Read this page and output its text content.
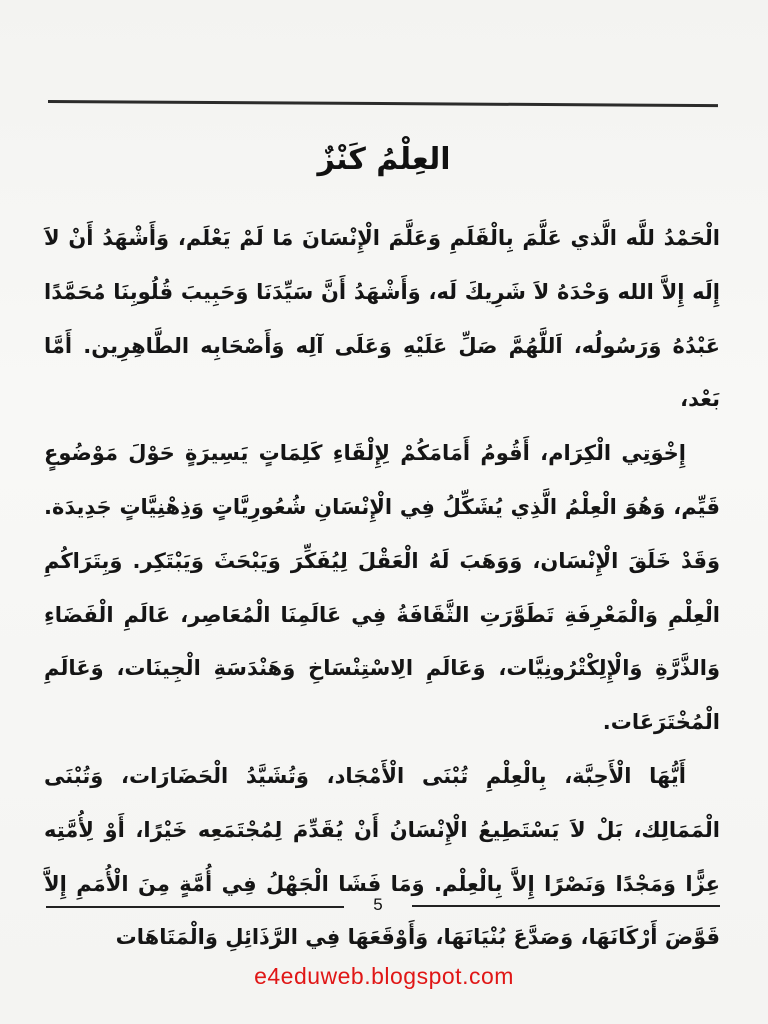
العِلْمُ كَنْزٌ

الْحَمْدُ للَّه الَّذي عَلَّمَ بِالْقَلَمِ وَعَلَّمَ الْإِنْسَانَ مَا لَمْ يَعْلَم، وَأَشْهَدُ أَنْ لاَ إِلَه إِلاَّ الله وَحْدَهُ لاَ شَرِيكَ لَه، وَأَشْهَدُ أَنَّ سَيِّدَنَا وَحَبِيبَ قُلُوبِنَا مُحَمَّدًا عَبْدُهُ وَرَسُولُه، اَللَّهُمَّ صَلِّ عَلَيْهِ وَعَلَى آلِه وَأَصْحَابِه الطَّاهِرِين. أَمَّا بَعْد،

إِخْوَتِي الْكِرَام، أَقُومُ أَمَامَكُمْ لِإِلْقَاءِ كَلِمَاتٍ يَسِيرَةٍ حَوْلَ مَوْضُوعٍ قَيِّم، وَهُوَ الْعِلْمُ الَّذِي يُشَكِّلُ فِي الْإِنْسَانِ شُعُورِيَّاتٍ وَذِهْنِيَّاتٍ جَدِيدَة. وَقَدْ خَلَقَ الْإِنْسَان، وَوَهَبَ لَهُ الْعَقْلَ لِيُفَكِّرَ وَيَبْحَثَ وَيَبْتَكِر. وَبِتَرَاكُمِ الْعِلْمِ وَالْمَعْرِفَةِ تَطَوَّرَتِ الثَّقَافَةُ فِي عَالَمِنَا الْمُعَاصِر، عَالَمِ الْفَضَاءِ وَالذَّرَّةِ وَالْإِلِكْتْرُونِيَّات، وَعَالَمِ الِاسْتِنْسَاخِ وَهَنْدَسَةِ الْجِينَات، وَعَالَمِ الْمُخْتَرَعَات.

أَيُّهَا الْأَحِبَّة، بِالْعِلْمِ تُبْنَى الْأَمْجَاد، وَتُشَيَّدُ الْحَضَارَات، وَتُبْنَى الْمَمَالِك، بَلْ لاَ يَسْتَطِيعُ الْإِنْسَانُ أَنْ يُقَدِّمَ لِمُجْتَمَعِه خَيْرًا، أَوْ لِأُمَّتِه عِزًّا وَمَجْدًا وَنَصْرًا إِلاَّ بِالْعِلْم. وَمَا فَشَا الْجَهْلُ فِي أُمَّةٍ مِنَ الْأُمَمِ إِلاَّ قَوَّضَ أَرْكَانَهَا، وَصَدَّعَ بُنْيَانَهَا، وَأَوْقَعَهَا فِي الرَّذَائِلِ وَالْمَتَاهَات

5
e4eduweb.blogspot.com
